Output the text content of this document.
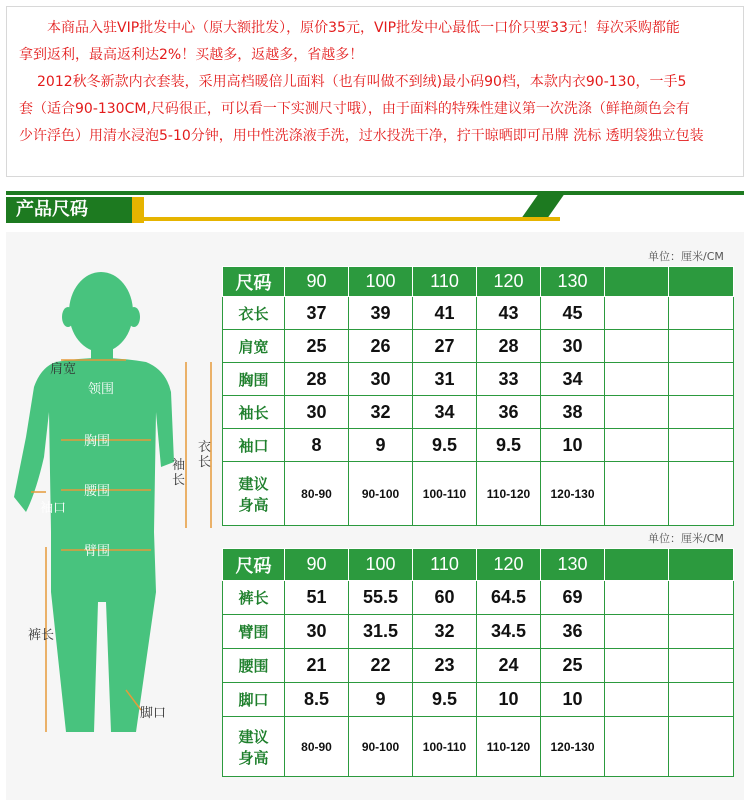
本商品入驻VIP批发中心（原大额批发），原价35元，VIP批发中心最低一口价只要33元！每次采购都能

拿到返利，最高返利达2%！买越多，返越多，省越多！

2012秋冬新款内衣套装，采用高档暖倍儿面料（也有叫做不到绒)最小码90档，本款内衣90-130，一手5

套（适合90-130CM,尺码很正，可以看一下实测尺寸哦），由于面料的特殊性建议第一次洗涤（鲜艳颜色会有

少许浮色）用清水浸泡5-10分钟，用中性洗涤液手洗，过水投洗干净，拧干晾晒即可吊牌 洗标 透明袋独立包装

产品尺码
肩宽
领围
胸围
腰围
袖口
臂围
袖长
衣长
裤长
脚口
单位：厘米/CM
尺码	90	100	110	120	130		
衣长	37	39	41	43	45		
肩宽	25	26	27	28	30		
胸围	28	30	31	33	34		
袖长	30	32	34	36	38		
袖口	8	9	9.5	9.5	10		

建议
身高	80-90	90-100	100-110	110-120	120-130		
单位：厘米/CM
尺码	90	100	110	120	130		
裤长	51	55.5	60	64.5	69		
臂围	30	31.5	32	34.5	36		
腰围	21	22	23	24	25		
脚口	8.5	9	9.5	10	10		

建议
身高	80-90	90-100	100-110	110-120	120-130		
